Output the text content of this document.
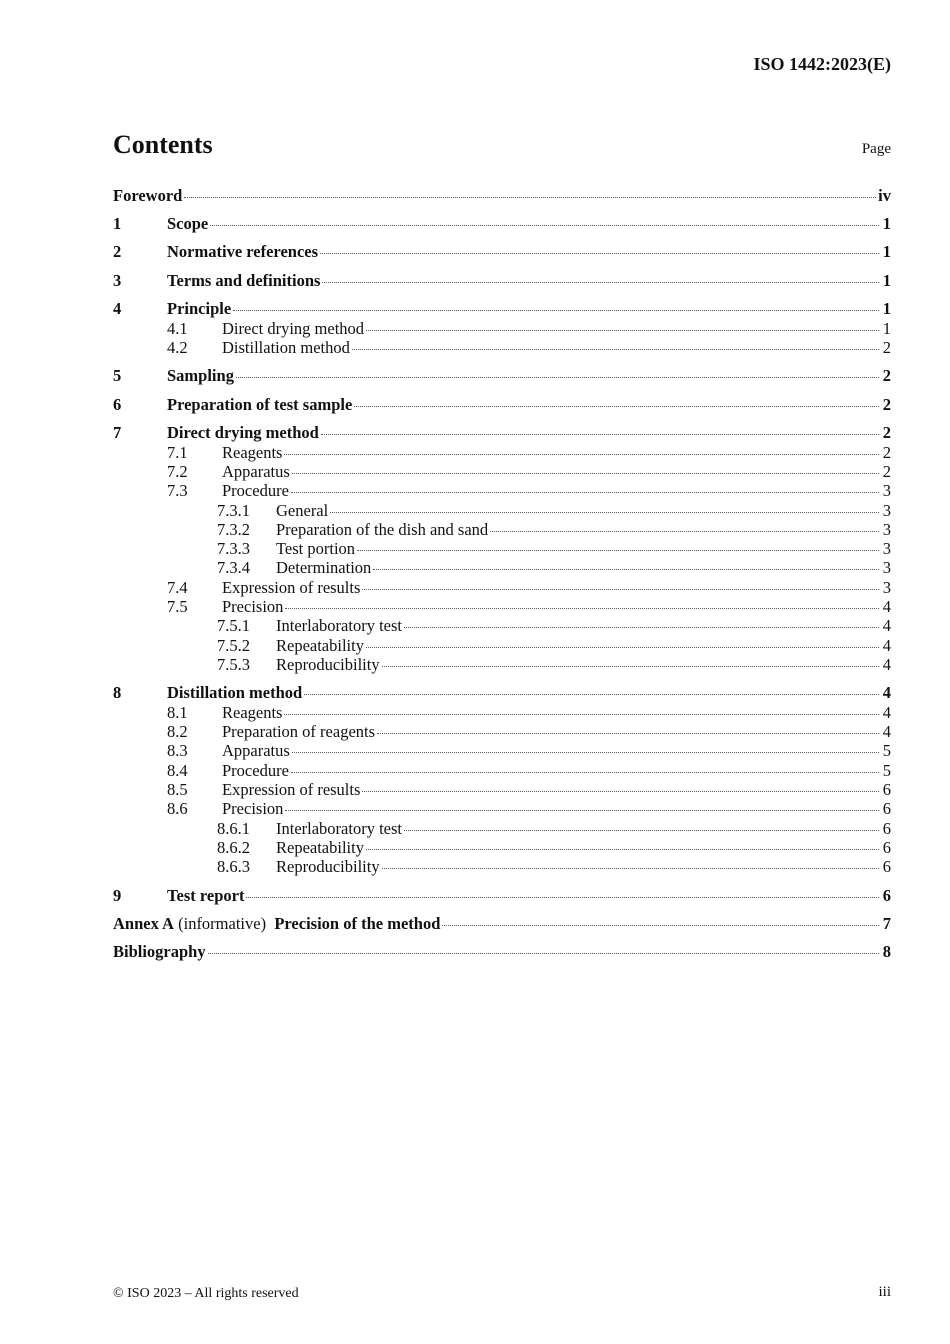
ISO 1442:2023(E)
Contents	Page
Foreword	iv
1	Scope	1
2	Normative references	1
3	Terms and definitions	1
4	Principle	1
4.1	Direct drying method	1
4.2	Distillation method	2
5	Sampling	2
6	Preparation of test sample	2
7	Direct drying method	2
7.1	Reagents	2
7.2	Apparatus	2
7.3	Procedure	3
7.3.1	General	3
7.3.2	Preparation of the dish and sand	3
7.3.3	Test portion	3
7.3.4	Determination	3
7.4	Expression of results	3
7.5	Precision	4
7.5.1	Interlaboratory test	4
7.5.2	Repeatability	4
7.5.3	Reproducibility	4
8	Distillation method	4
8.1	Reagents	4
8.2	Preparation of reagents	4
8.3	Apparatus	5
8.4	Procedure	5
8.5	Expression of results	6
8.6	Precision	6
8.6.1	Interlaboratory test	6
8.6.2	Repeatability	6
8.6.3	Reproducibility	6
9	Test report	6
Annex A (informative)  Precision of the method	7
Bibliography	8
© ISO 2023 – All rights reserved	iii
